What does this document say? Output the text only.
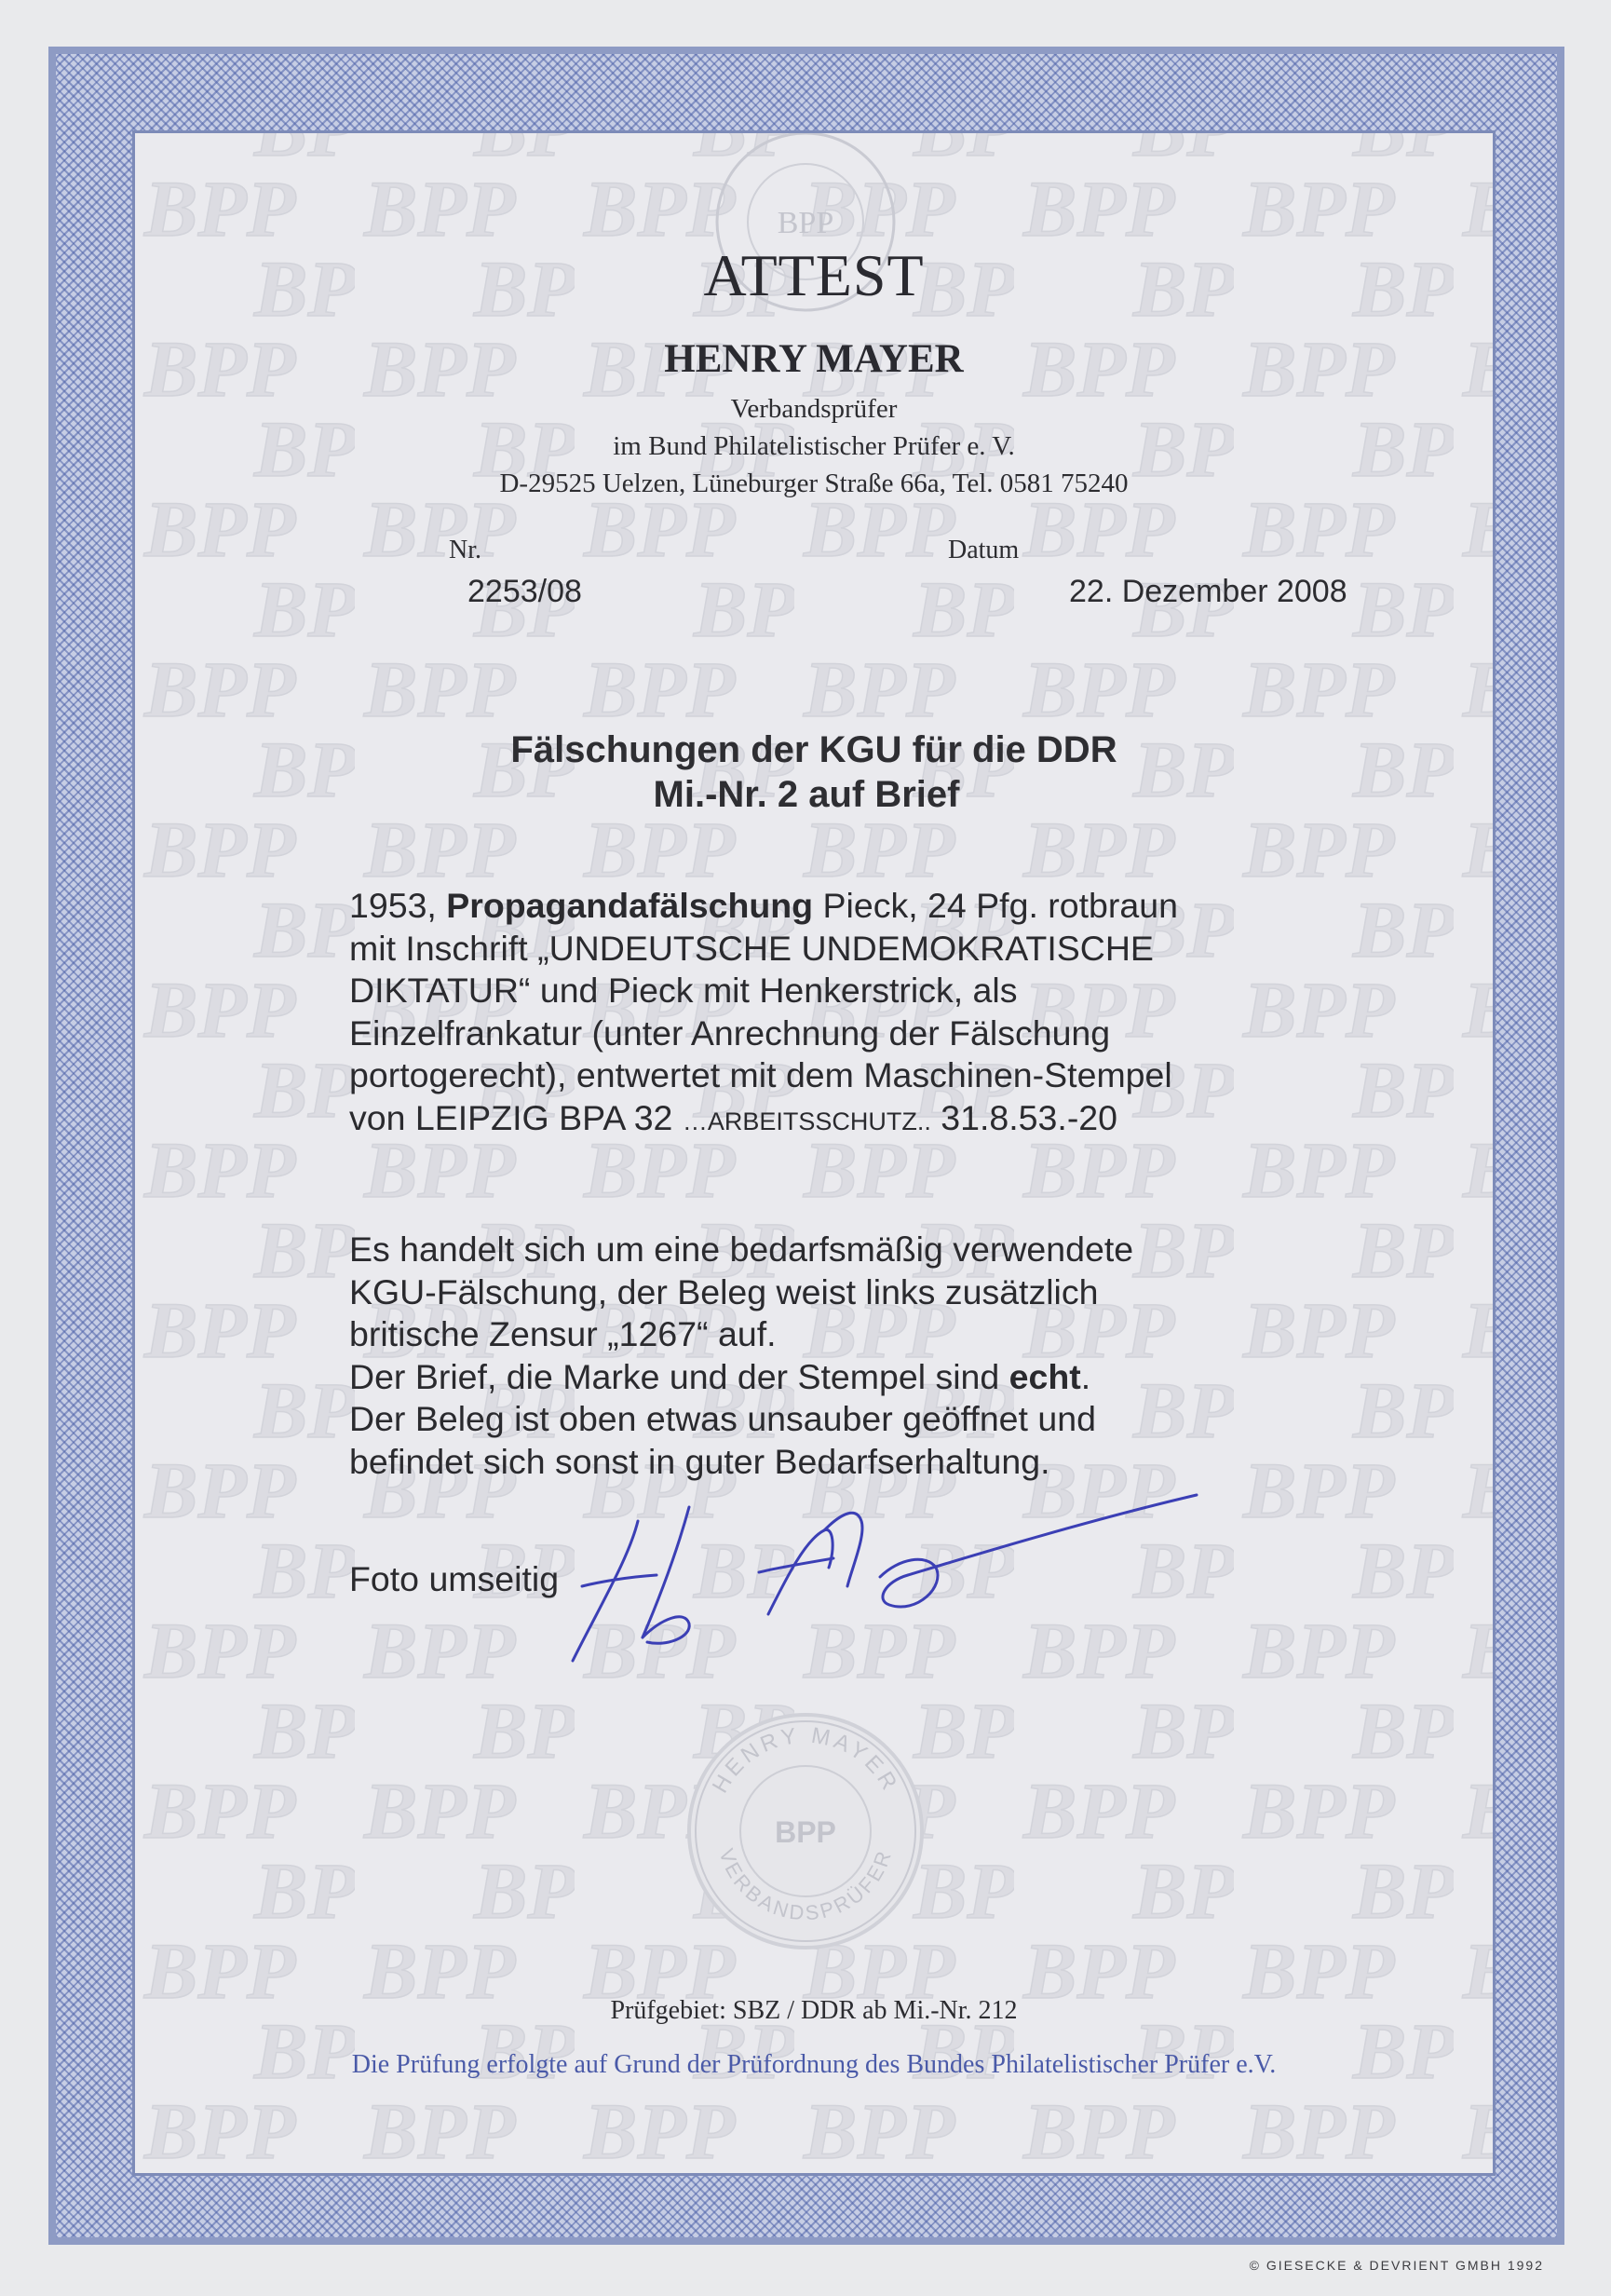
BPP
ATTEST
HENRY MAYER
Verbandsprüfer
im Bund Philatelistischer Prüfer e. V.
D-29525 Uelzen, Lüneburger Straße 66a, Tel. 0581 75240
Nr.
2253/08
Datum
22. Dezember 2008
Fälschungen der KGU für die DDR
Mi.-Nr. 2 auf Brief
1953, Propagandafälschung Pieck, 24 Pfg. rotbraun
mit Inschrift „UNDEUTSCHE UNDEMOKRATISCHE
DIKTATUR“ und Pieck mit Henkerstrick, als
Einzelfrankatur (unter Anrechnung der Fälschung
portogerecht), entwertet mit dem Maschinen-Stempel
von LEIPZIG BPA 32 …ARBEITSSCHUTZ.. 31.8.53.-20
Es handelt sich um eine bedarfsmäßig verwendete
KGU-Fälschung, der Beleg weist links zusätzlich
britische Zensur „1267“ auf.
Der Brief, die Marke und der Stempel sind echt.
Der Beleg ist oben etwas unsauber geöffnet und
befindet sich sonst in guter Bedarfserhaltung.
Foto umseitig
HENRY MAYER
VERBANDSPRÜFER
BPP
Prüfgebiet: SBZ / DDR ab Mi.-Nr. 212
Die Prüfung erfolgte auf Grund der Prüfordnung des Bundes Philatelistischer Prüfer e.V.
© GIESECKE & DEVRIENT GMBH 1992
